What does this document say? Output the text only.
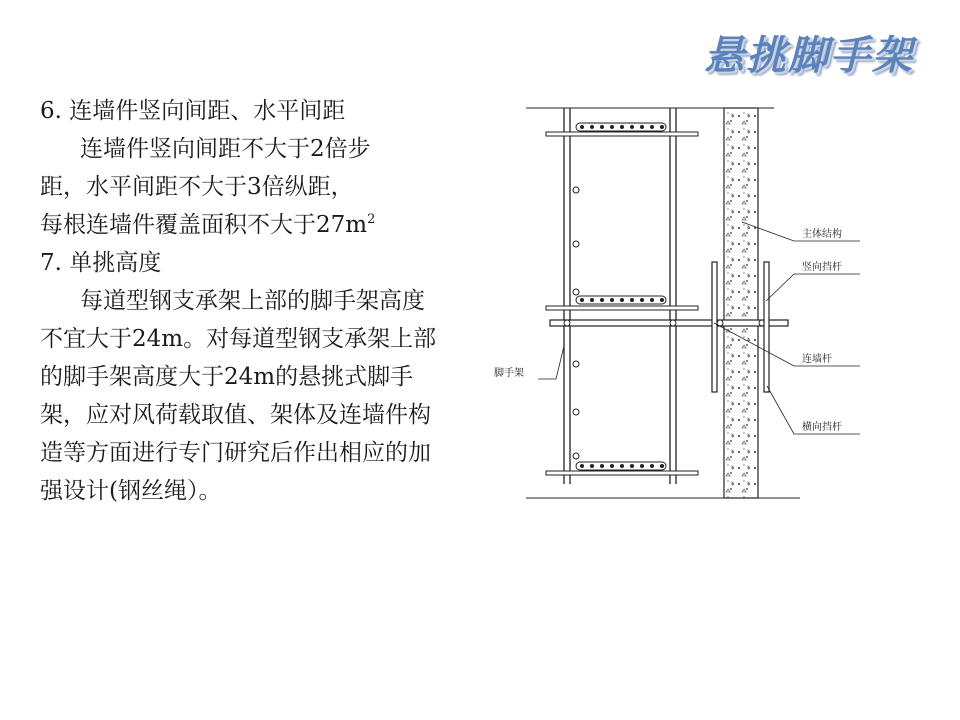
悬挑脚手架

6. 连墙件竖向间距、水平间距

连墙件竖向间距不大于2倍步

距，水平间距不大于3倍纵距，

每根连墙件覆盖面积不大于$27m^2$

7. 单挑高度

每道型钢支承架上部的脚手架高度不宜大于24m。对每道型钢支承架上部的脚手架高度大于24m的悬挑式脚手架，应对风荷载取值、架体及连墙件构造等方面进行专门研究后作出相应的加强设计(钢丝绳）。

主体结构
竖向挡杆
脚手架
连墙杆
横向挡杆
